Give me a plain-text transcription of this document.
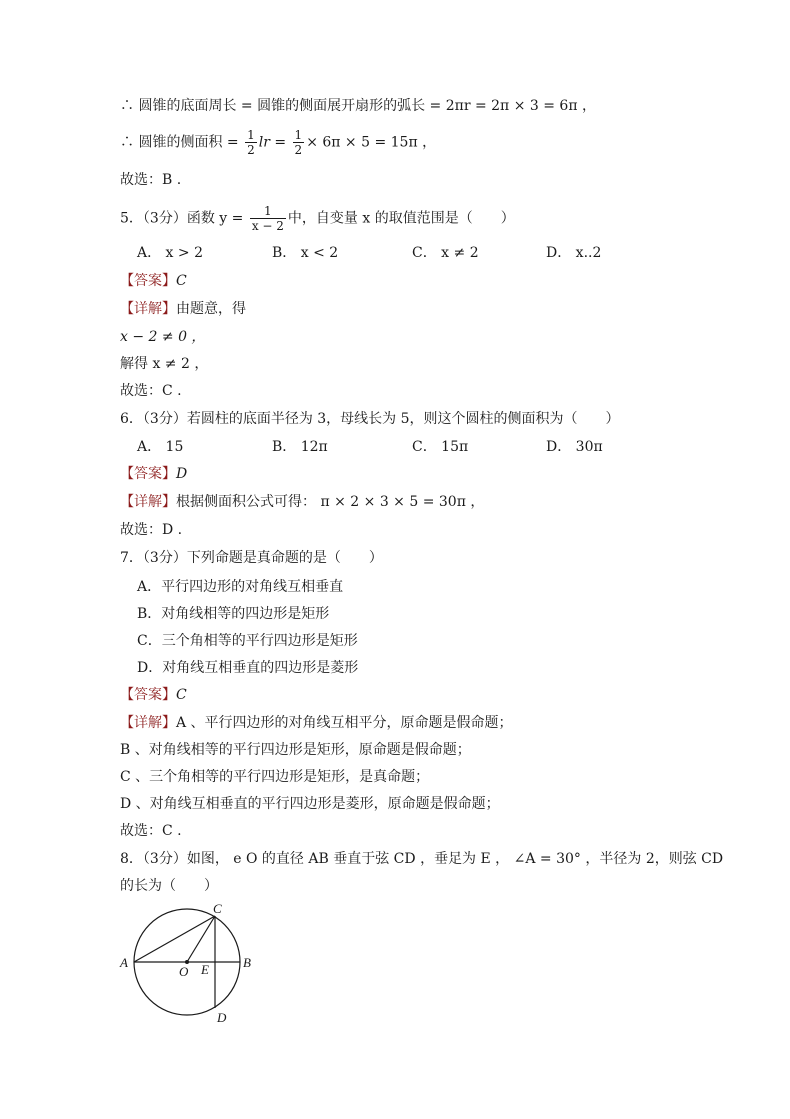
∴ 圆锥的底面周长 = 圆锥的侧面展开扇形的弧长 = 2πr = 2π × 3 = 6π ，
∴ 圆锥的侧面积 = $\frac{1}{2}$ lr = $\frac{1}{2} \times 6\pi \times 5 = 15\pi$ ，
故选：B .
5．（3分）函数 $y = \frac{1}{x - 2}$ 中，自变量 x 的取值范围是（　　）
A． x > 2	B． x < 2	C． x ≠ 2	D． x..2
【答案】C
【详解】由题意，得
x − 2 ≠ 0 ，
解得 x ≠ 2 ，
故选：C .
6．（3分）若圆柱的底面半径为 3，母线长为 5，则这个圆柱的侧面积为（　　）
A． 15	B． 12π	C． 15π	D． 30π
【答案】D
【详解】根据侧面积公式可得： π × 2 × 3 × 5 = 30π ，
故选：D .
7．（3分）下列命题是真命题的是（　　）
A．平行四边形的对角线互相垂直
B．对角线相等的四边形是矩形
C．三个角相等的平行四边形是矩形
D．对角线互相垂直的四边形是菱形
【答案】C
【详解】A 、平行四边形的对角线互相平分，原命题是假命题；
B 、对角线相等的平行四边形是矩形，原命题是假命题；
C 、三个角相等的平行四边形是矩形，是真命题；
D 、对角线互相垂直的平行四边形是菱形，原命题是假命题；
故选：C .
8．（3分）如图， e O 的直径 AB 垂直于弦 CD ，垂足为 E ， ∠A = 30° ，半径为 2，则弦 CD
的长为（　　）
A	B
C
D
E
O
